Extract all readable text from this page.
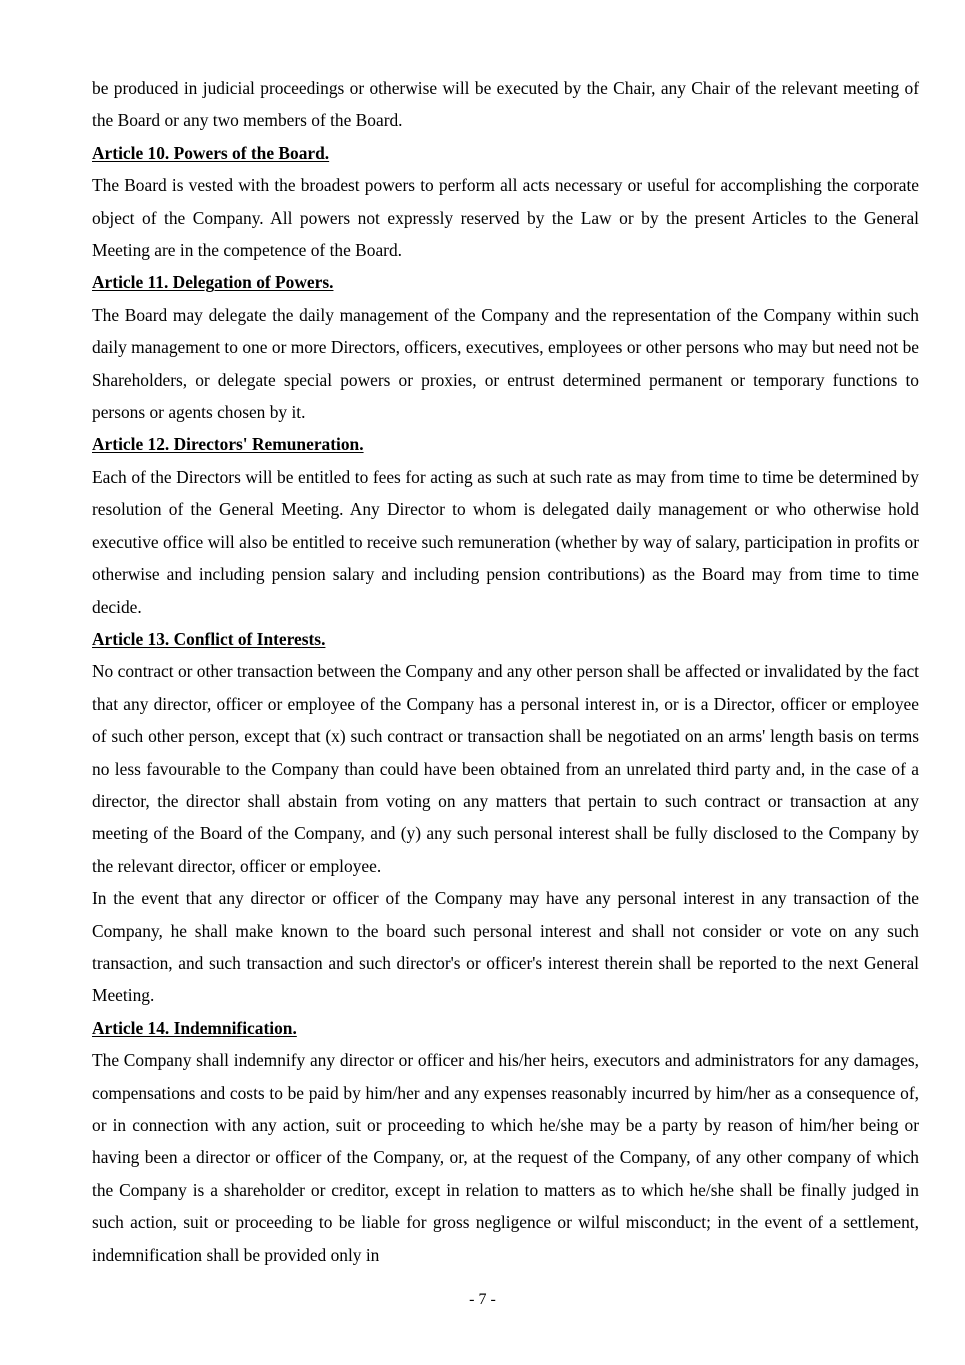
be produced in judicial proceedings or otherwise will be executed by the Chair, any Chair of the relevant meeting of the Board or any two members of the Board.

Article 10. Powers of the Board.

The Board is vested with the broadest powers to perform all acts necessary or useful for accomplishing the corporate object of the Company. All powers not expressly reserved by the Law or by the present Articles to the General Meeting are in the competence of the Board.

Article 11. Delegation of Powers.

The Board may delegate the daily management of the Company and the representation of the Company within such daily management to one or more Directors, officers, executives, employees or other persons who may but need not be Shareholders, or delegate special powers or proxies, or entrust determined permanent or temporary functions to persons or agents chosen by it.

Article 12. Directors' Remuneration.

Each of the Directors will be entitled to fees for acting as such at such rate as may from time to time be determined by resolution of the General Meeting. Any Director to whom is delegated daily management or who otherwise hold executive office will also be entitled to receive such remuneration (whether by way of salary, participation in profits or otherwise and including pension salary and including pension contributions) as the Board may from time to time decide.

Article 13. Conflict of Interests.

No contract or other transaction between the Company and any other person shall be affected or invalidated by the fact that any director, officer or employee of the Company has a personal interest in, or is a Director, officer or employee of such other person, except that (x) such contract or transaction shall be negotiated on an arms' length basis on terms no less favourable to the Company than could have been obtained from an unrelated third party and, in the case of a director, the director shall abstain from voting on any matters that pertain to such contract or transaction at any meeting of the Board of the Company, and (y) any such personal interest shall be fully disclosed to the Company by the relevant director, officer or employee.

In the event that any director or officer of the Company may have any personal interest in any transaction of the Company, he shall make known to the board such personal interest and shall not consider or vote on any such transaction, and such transaction and such director's or officer's interest therein shall be reported to the next General Meeting.

Article 14. Indemnification.

The Company shall indemnify any director or officer and his/her heirs, executors and administrators for any damages, compensations and costs to be paid by him/her and any expenses reasonably incurred by him/her as a consequence of, or in connection with any action, suit or proceeding to which he/she may be a party by reason of him/her being or having been a director or officer of the Company, or, at the request of the Company, of any other company of which the Company is a shareholder or creditor, except in relation to matters as to which he/she shall be finally judged in such action, suit or proceeding to be liable for gross negligence or wilful misconduct; in the event of a settlement, indemnification shall be provided only in

- 7 -
